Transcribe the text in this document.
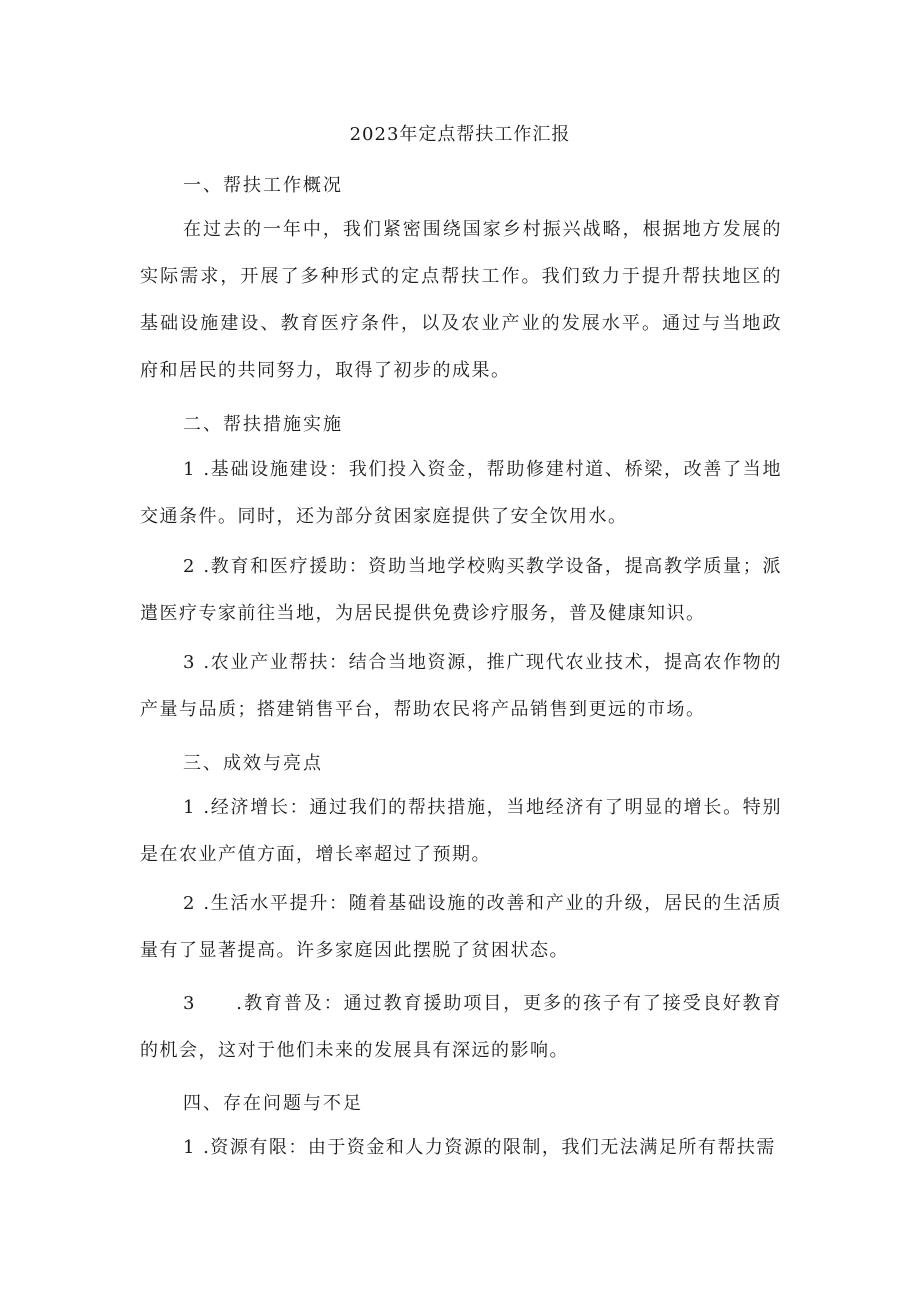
2023年定点帮扶工作汇报
一、帮扶工作概况
在过去的一年中，我们紧密围绕国家乡村振兴战略，根据地方发展的实际需求，开展了多种形式的定点帮扶工作。我们致力于提升帮扶地区的基础设施建设、教育医疗条件，以及农业产业的发展水平。通过与当地政府和居民的共同努力，取得了初步的成果。
二、帮扶措施实施
1 .基础设施建设：我们投入资金，帮助修建村道、桥梁，改善了当地交通条件。同时，还为部分贫困家庭提供了安全饮用水。
2 .教育和医疗援助：资助当地学校购买教学设备，提高教学质量；派遣医疗专家前往当地，为居民提供免费诊疗服务，普及健康知识。
3 .农业产业帮扶：结合当地资源，推广现代农业技术，提高农作物的产量与品质；搭建销售平台，帮助农民将产品销售到更远的市场。
三、成效与亮点
1 .经济增长：通过我们的帮扶措施，当地经济有了明显的增长。特别是在农业产值方面，增长率超过了预期。
2 .生活水平提升：随着基础设施的改善和产业的升级，居民的生活质量有了显著提高。许多家庭因此摆脱了贫困状态。
3　　.教育普及：通过教育援助项目，更多的孩子有了接受良好教育的机会，这对于他们未来的发展具有深远的影响。
四、存在问题与不足
1 .资源有限：由于资金和人力资源的限制，我们无法满足所有帮扶需
